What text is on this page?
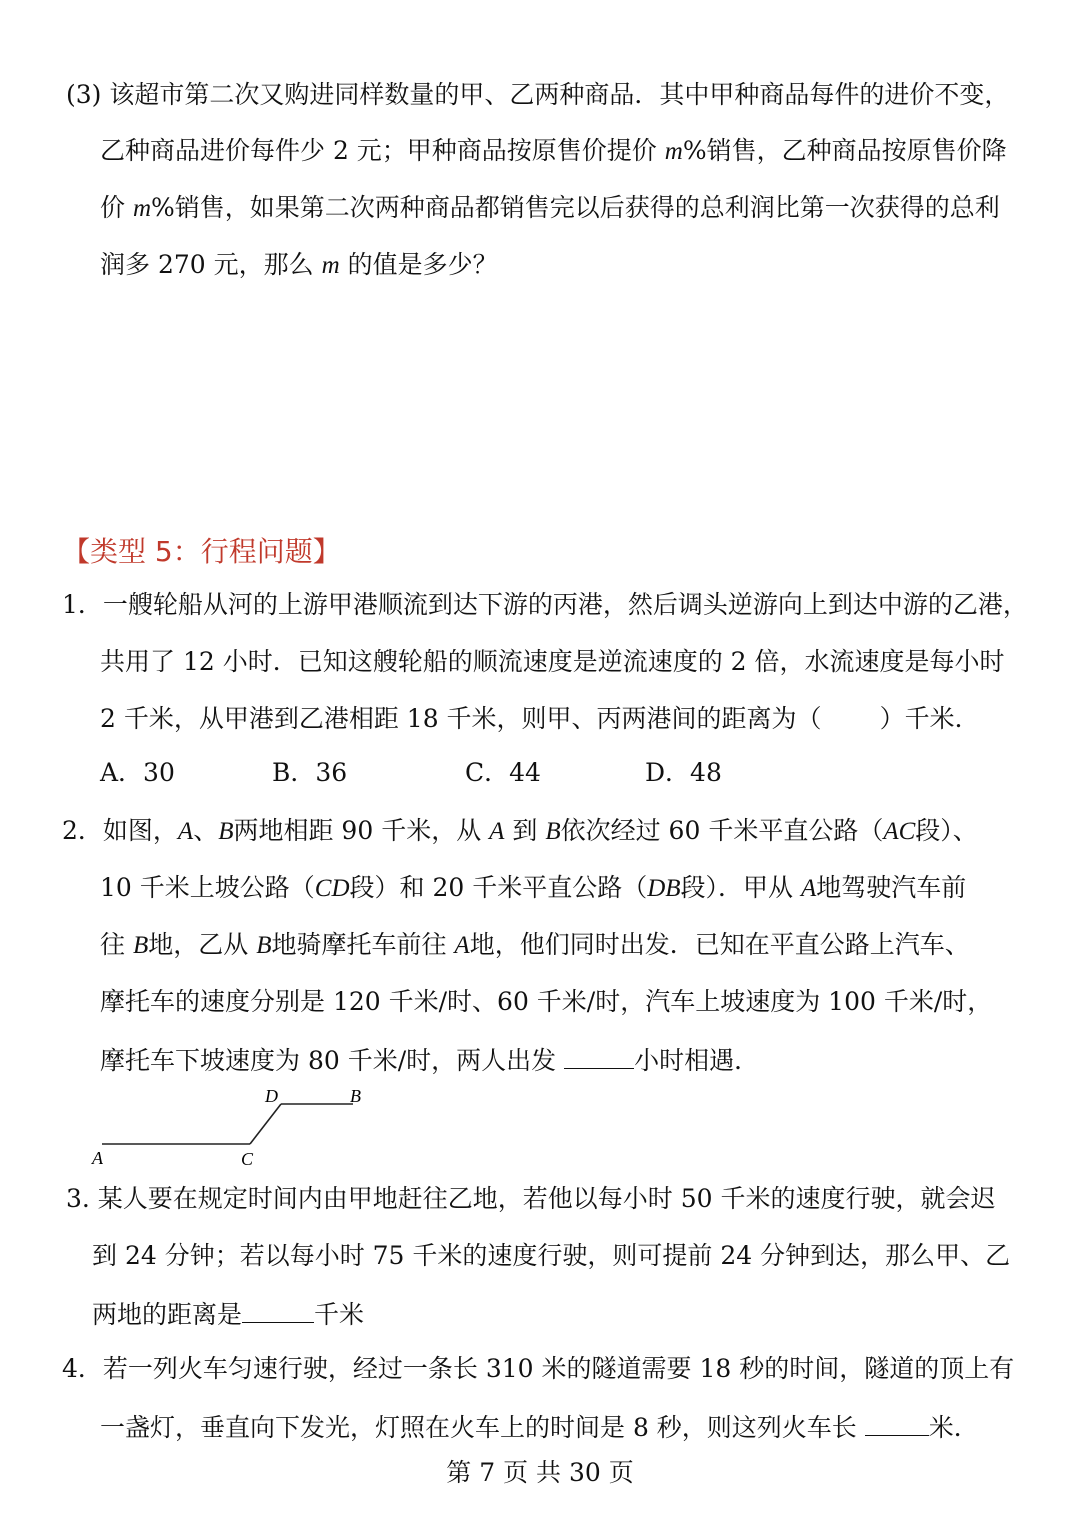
(3) 该超市第二次又购进同样数量的甲、乙两种商品．其中甲种商品每件的进价不变，
乙种商品进价每件少 2 元；甲种商品按原售价提价 m%销售，乙种商品按原售价降
价 m%销售，如果第二次两种商品都销售完以后获得的总利润比第一次获得的总利
润多 270 元，那么 m 的值是多少？
【类型 5：行程问题】
1．一艘轮船从河的上游甲港顺流到达下游的丙港，然后调头逆游向上到达中游的乙港，
共用了 12 小时．已知这艘轮船的顺流速度是逆流速度的 2 倍，水流速度是每小时
2 千米，从甲港到乙港相距 18 千米，则甲、丙两港间的距离为（ ）千米．
A．30	B．36	C．44	D．48
2．如图，A、B两地相距 90 千米，从 A 到 B依次经过 60 千米平直公路（AC段）、
10 千米上坡公路（CD段）和 20 千米平直公路（DB段）．甲从 A地驾驶汽车前
往 B地，乙从 B地骑摩托车前往 A地，他们同时出发．已知在平直公路上汽车、
摩托车的速度分别是 120 千米/时、60 千米/时，汽车上坡速度为 100 千米/时，
摩托车下坡速度为 80 千米/时，两人出发	小时相遇．
A	C
D	B
3. 某人要在规定时间内由甲地赶往乙地，若他以每小时 50 千米的速度行驶，就会迟
到 24 分钟；若以每小时 75 千米的速度行驶，则可提前 24 分钟到达，那么甲、乙
两地的距离是	千米
4．若一列火车匀速行驶，经过一条长 310 米的隧道需要 18 秒的时间，隧道的顶上有
一盏灯，垂直向下发光，灯照在火车上的时间是 8 秒，则这列火车长	米．
第 7 页 共 30 页
